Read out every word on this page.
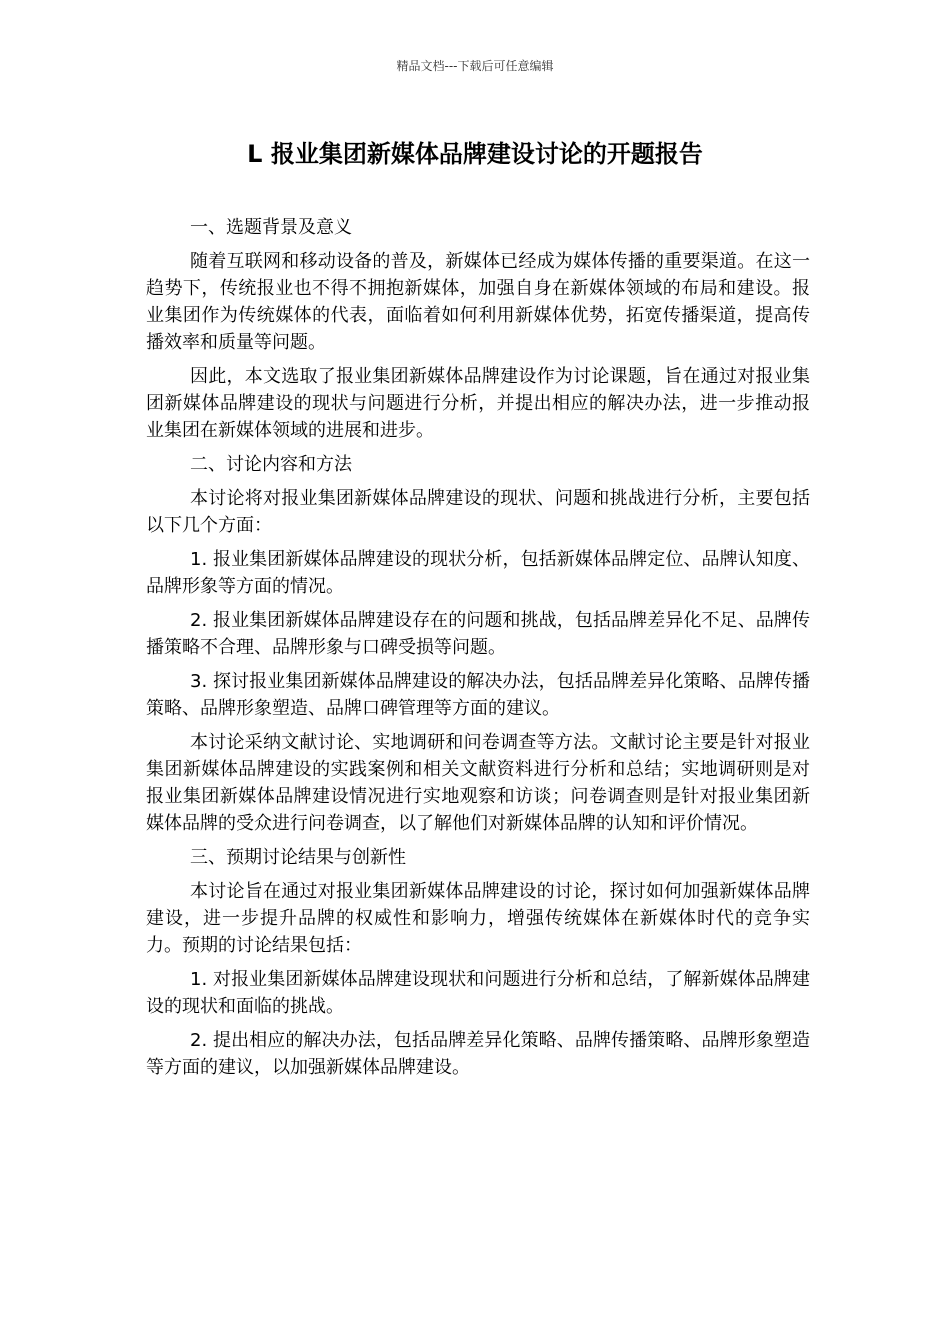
精品文档---下载后可任意编辑
L 报业集团新媒体品牌建设讨论的开题报告
一、选题背景及意义

随着互联网和移动设备的普及，新媒体已经成为媒体传播的重要渠道。在这一趋势下，传统报业也不得不拥抱新媒体，加强自身在新媒体领域的布局和建设。报业集团作为传统媒体的代表，面临着如何利用新媒体优势，拓宽传播渠道，提高传播效率和质量等问题。

因此，本文选取了报业集团新媒体品牌建设作为讨论课题，旨在通过对报业集团新媒体品牌建设的现状与问题进行分析，并提出相应的解决办法，进一步推动报业集团在新媒体领域的进展和进步。

二、讨论内容和方法

本讨论将对报业集团新媒体品牌建设的现状、问题和挑战进行分析，主要包括以下几个方面：

1. 报业集团新媒体品牌建设的现状分析，包括新媒体品牌定位、品牌认知度、品牌形象等方面的情况。

2. 报业集团新媒体品牌建设存在的问题和挑战，包括品牌差异化不足、品牌传播策略不合理、品牌形象与口碑受损等问题。

3. 探讨报业集团新媒体品牌建设的解决办法，包括品牌差异化策略、品牌传播策略、品牌形象塑造、品牌口碑管理等方面的建议。

本讨论采纳文献讨论、实地调研和问卷调查等方法。文献讨论主要是针对报业集团新媒体品牌建设的实践案例和相关文献资料进行分析和总结；实地调研则是对报业集团新媒体品牌建设情况进行实地观察和访谈；问卷调查则是针对报业集团新媒体品牌的受众进行问卷调查，以了解他们对新媒体品牌的认知和评价情况。

三、预期讨论结果与创新性

本讨论旨在通过对报业集团新媒体品牌建设的讨论，探讨如何加强新媒体品牌建设，进一步提升品牌的权威性和影响力，增强传统媒体在新媒体时代的竞争实力。预期的讨论结果包括：

1. 对报业集团新媒体品牌建设现状和问题进行分析和总结，了解新媒体品牌建设的现状和面临的挑战。

2. 提出相应的解决办法，包括品牌差异化策略、品牌传播策略、品牌形象塑造等方面的建议，以加强新媒体品牌建设。
